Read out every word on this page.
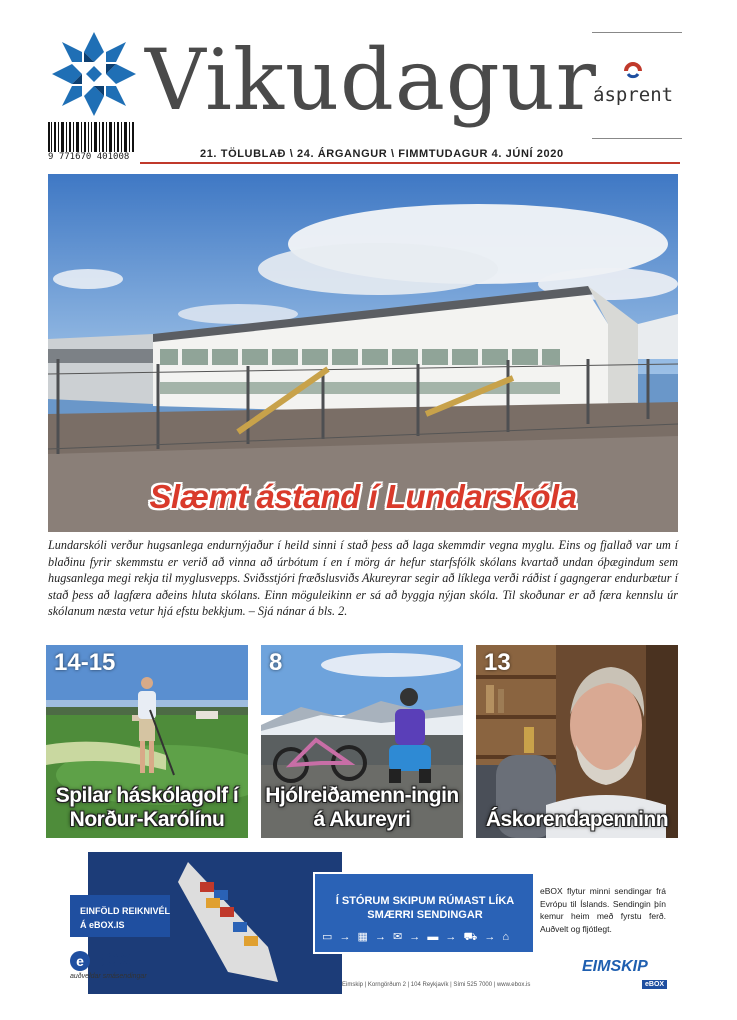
Vikudagur
9 771670 401008
ásprent
21. TÖLUBLAÐ \ 24. ÁRGANGUR \ FIMMTUDAGUR 4. JÚNÍ 2020
Slæmt ástand í Lundarskóla
Lundarskóli verður hugsanlega endurnýjaður í heild sinni í stað þess að laga skemmdir vegna myglu. Eins og fjallað var um í blaðinu fyrir skemmstu er verið að vinna að úrbótum í en í mörg ár hefur starfsfólk skólans kvartað undan óþægindum sem hugsanlega megi rekja til myglusvepps. Sviðsstjóri fræðslusviðs Akureyrar segir að líklega verði ráðist í gagngerar endurbætur í stað þess að lagfæra aðeins hluta skólans. Einn möguleikinn er sá að byggja nýjan skóla. Til skoðunar er að færa kennslu úr skólanum næsta vetur hjá efstu bekkjum. – Sjá nánar á bls. 2.
14-15
Spilar háskólagolf í Norður-Karólínu
8
Hjólreiðamenn-ingin á Akureyri
13
Áskorendapenninn
EINFÖLD REIKNIVÉL
Á eBOX.IS
Í STÓRUM SKIPUM RÚMAST LÍKA
SMÆRRI SENDINGAR
▭ → ▦ → ✉ → ▬ → ⛟ → ⌂
eBOX flytur minni sendingar frá Evrópu til Íslands. Sendingin þín kemur heim með fyrstu ferð. Auðvelt og fljótlegt.
e BOX
auðveldar smásendingar
Eimskip | Korngörðum 2 | 104 Reykjavík | Sími 525 7000 | www.ebox.is
EIMSKIP
eBOX
